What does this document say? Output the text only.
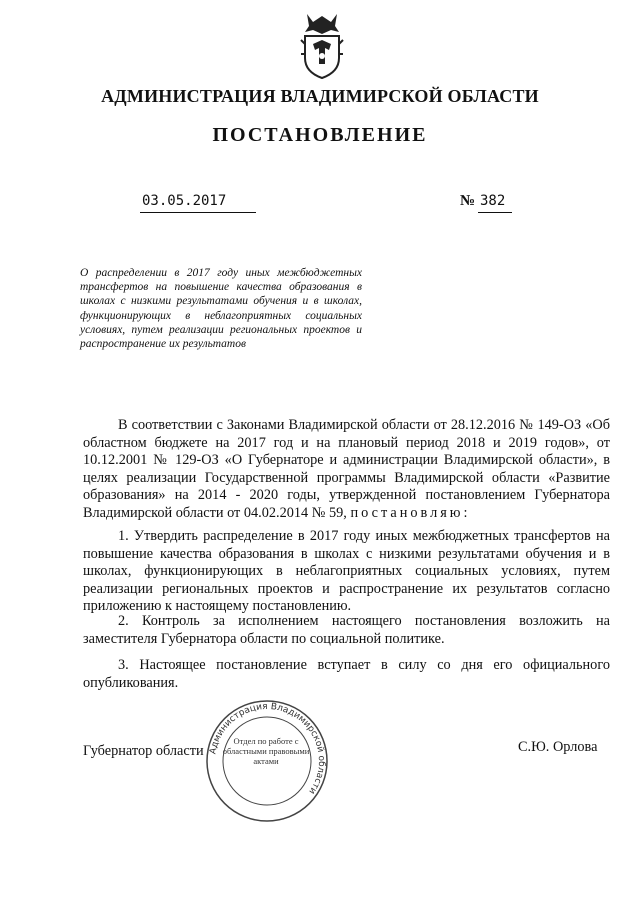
АДМИНИСТРАЦИЯ ВЛАДИМИРСКОЙ ОБЛАСТИ
ПОСТАНОВЛЕНИЕ
03.05.2017	№ 382
О распределении в 2017 году иных межбюджетных трансфертов на повышение качества образования в школах с низкими результатами обучения и в школах, функционирующих в неблагоприятных социальных условиях, путем реализации региональных проектов и распространение их результатов
В соответствии с Законами Владимирской области от 28.12.2016 № 149-ОЗ «Об областном бюджете на 2017 год и на плановый период 2018 и 2019 годов», от 10.12.2001 № 129-ОЗ «О Губернаторе и администрации Владимирской области», в целях реализации Государственной программы Владимирской области «Развитие образования» на 2014 - 2020 годы, утвержденной постановлением Губернатора Владимирской области от 04.02.2014 № 59, постановляю:
1. Утвердить распределение в 2017 году иных межбюджетных трансфертов на повышение качества образования в школах с низкими результатами обучения и в школах, функционирующих в неблагоприятных социальных условиях, путем реализации региональных проектов и распространение их результатов согласно приложению к настоящему постановлению.
2. Контроль за исполнением настоящего постановления возложить на заместителя Губернатора области по социальной политике.
3. Настоящее постановление вступает в силу со дня его официального опубликования.
Администрация Владимирской области
Отдел по работе с областными правовыми актами
Губернатор области	С.Ю. Орлова
